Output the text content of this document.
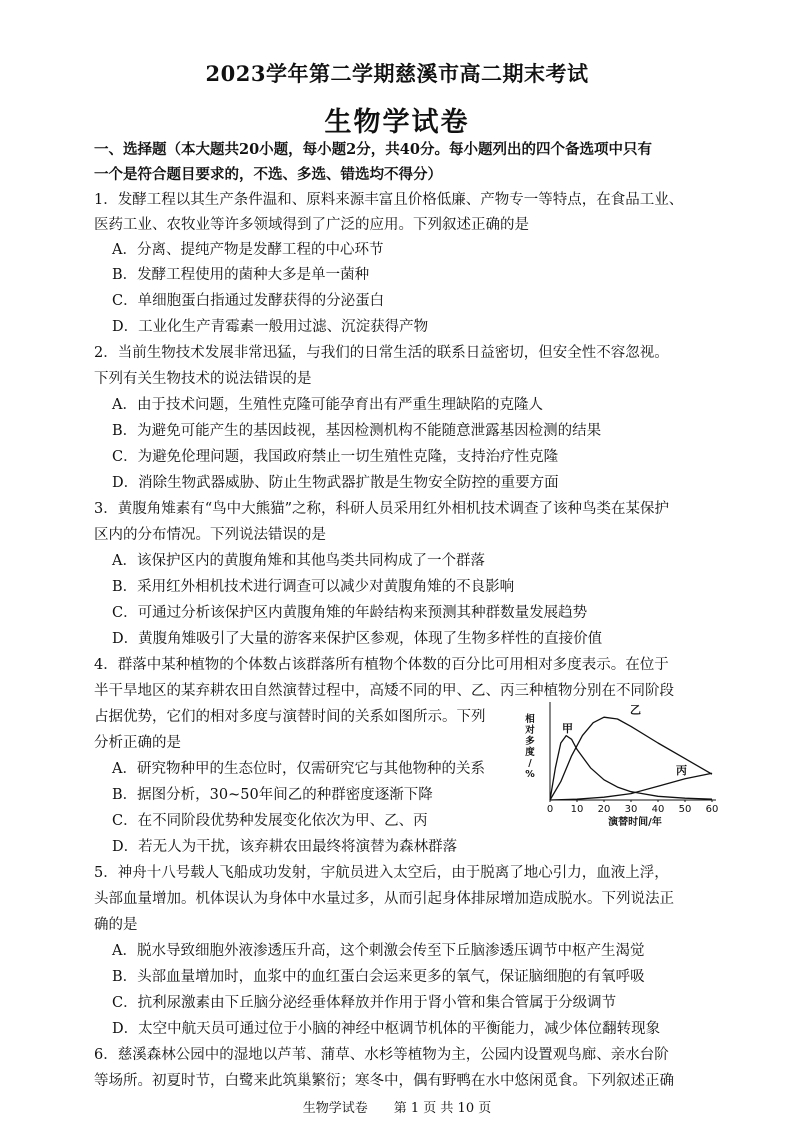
2023学年第二学期慈溪市高二期末考试
生物学试卷
一、选择题（本大题共20小题，每小题2分，共40分。每小题列出的四个备选项中只有
一个是符合题目要求的，不选、多选、错选均不得分）
1．发酵工程以其生产条件温和、原料来源丰富且价格低廉、产物专一等特点，在食品工业、
医药工业、农牧业等许多领域得到了广泛的应用。下列叙述正确的是
A．分离、提纯产物是发酵工程的中心环节
B．发酵工程使用的菌种大多是单一菌种
C．单细胞蛋白指通过发酵获得的分泌蛋白
D．工业化生产青霉素一般用过滤、沉淀获得产物
2．当前生物技术发展非常迅猛，与我们的日常生活的联系日益密切，但安全性不容忽视。
下列有关生物技术的说法错误的是
A．由于技术问题，生殖性克隆可能孕育出有严重生理缺陷的克隆人
B．为避免可能产生的基因歧视，基因检测机构不能随意泄露基因检测的结果
C．为避免伦理问题，我国政府禁止一切生殖性克隆，支持治疗性克隆
D．消除生物武器威胁、防止生物武器扩散是生物安全防控的重要方面
3．黄腹角雉素有“鸟中大熊猫”之称，科研人员采用红外相机技术调查了该种鸟类在某保护
区内的分布情况。下列说法错误的是
A．该保护区内的黄腹角雉和其他鸟类共同构成了一个群落
B．采用红外相机技术进行调查可以减少对黄腹角雉的不良影响
C．可通过分析该保护区内黄腹角雉的年龄结构来预测其种群数量发展趋势
D．黄腹角雉吸引了大量的游客来保护区参观，体现了生物多样性的直接价值
4．群落中某种植物的个体数占该群落所有植物个体数的百分比可用相对多度表示。在位于
半干旱地区的某弃耕农田自然演替过程中，高矮不同的甲、乙、丙三种植物分别在不同阶段
占据优势，它们的相对多度与演替时间的关系如图所示。下列
分析正确的是
A．研究物种甲的生态位时，仅需研究它与其他物种的关系
B．据图分析，30~50年间乙的种群密度逐渐下降
C．在不同阶段优势种发展变化依次为甲、乙、丙
D．若无人为干扰，该弃耕农田最终将演替为森林群落
0 10 20 30 40 50 60
演替时间/年
相
对
多
度
/
%
甲
乙
丙
5．神舟十八号载人飞船成功发射，宇航员进入太空后，由于脱离了地心引力，血液上浮，
头部血量增加。机体误认为身体中水量过多，从而引起身体排尿增加造成脱水。下列说法正
确的是
A．脱水导致细胞外液渗透压升高，这个刺激会传至下丘脑渗透压调节中枢产生渴觉
B．头部血量增加时，血浆中的血红蛋白会运来更多的氧气，保证脑细胞的有氧呼吸
C．抗利尿激素由下丘脑分泌经垂体释放并作用于肾小管和集合管属于分级调节
D．太空中航天员可通过位于小脑的神经中枢调节机体的平衡能力，减少体位翻转现象
6．慈溪森林公园中的湿地以芦苇、蒲草、水杉等植物为主，公园内设置观鸟廊、亲水台阶
等场所。初夏时节，白鹭来此筑巢繁衍；寒冬中，偶有野鸭在水中悠闲觅食。下列叙述正确
生物学试卷　　第 1 页 共 10 页
